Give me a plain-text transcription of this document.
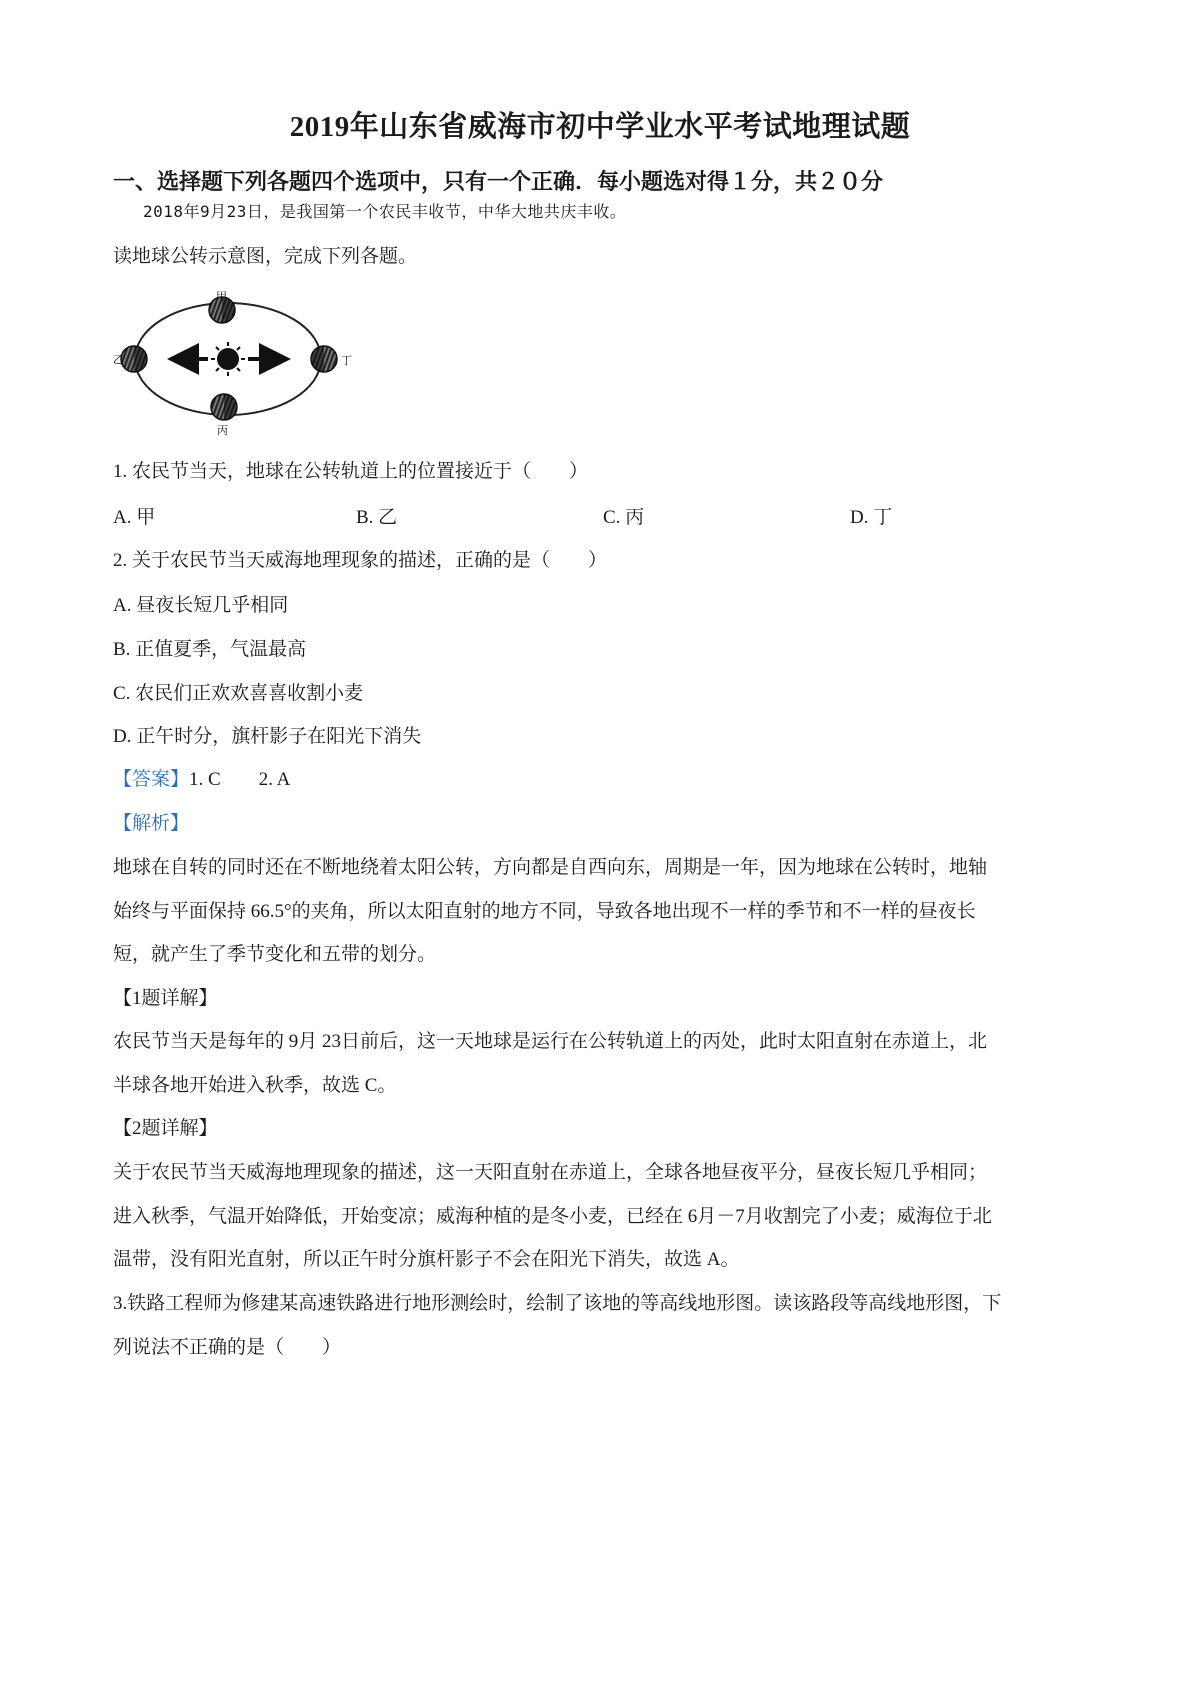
2019年山东省威海市初中学业水平考试地理试题
一、选择题下列各题四个选项中，只有一个正确．每小题选对得１分，共２０分
2018年9月23日，是我国第一个农民丰收节，中华大地共庆丰收。
读地球公转示意图，完成下列各题。
甲
乙
丙
丁
1. 农民节当天，地球在公转轨道上的位置接近于（　　）
A. 甲	B. 乙	C. 丙	D. 丁
2. 关于农民节当天威海地理现象的描述，正确的是（　　）
A. 昼夜长短几乎相同
B. 正值夏季，气温最高
C. 农民们正欢欢喜喜收割小麦
D. 正午时分，旗杆影子在阳光下消失
【答案】1. C　　2. A
【解析】
地球在自转的同时还在不断地绕着太阳公转，方向都是自西向东，周期是一年，因为地球在公转时，地轴
始终与平面保持 66.5°的夹角，所以太阳直射的地方不同，导致各地出现不一样的季节和不一样的昼夜长
短，就产生了季节变化和五带的划分。
【1题详解】
农民节当天是每年的 9月 23日前后，这一天地球是运行在公转轨道上的丙处，此时太阳直射在赤道上，北
半球各地开始进入秋季，故选 C。
【2题详解】
关于农民节当天威海地理现象的描述，这一天阳直射在赤道上，全球各地昼夜平分，昼夜长短几乎相同；
进入秋季，气温开始降低，开始变凉；威海种植的是冬小麦，已经在 6月－7月收割完了小麦；威海位于北
温带，没有阳光直射，所以正午时分旗杆影子不会在阳光下消失，故选 A。
3.铁路工程师为修建某高速铁路进行地形测绘时，绘制了该地的等高线地形图。读该路段等高线地形图，下
列说法不正确的是（　　）
